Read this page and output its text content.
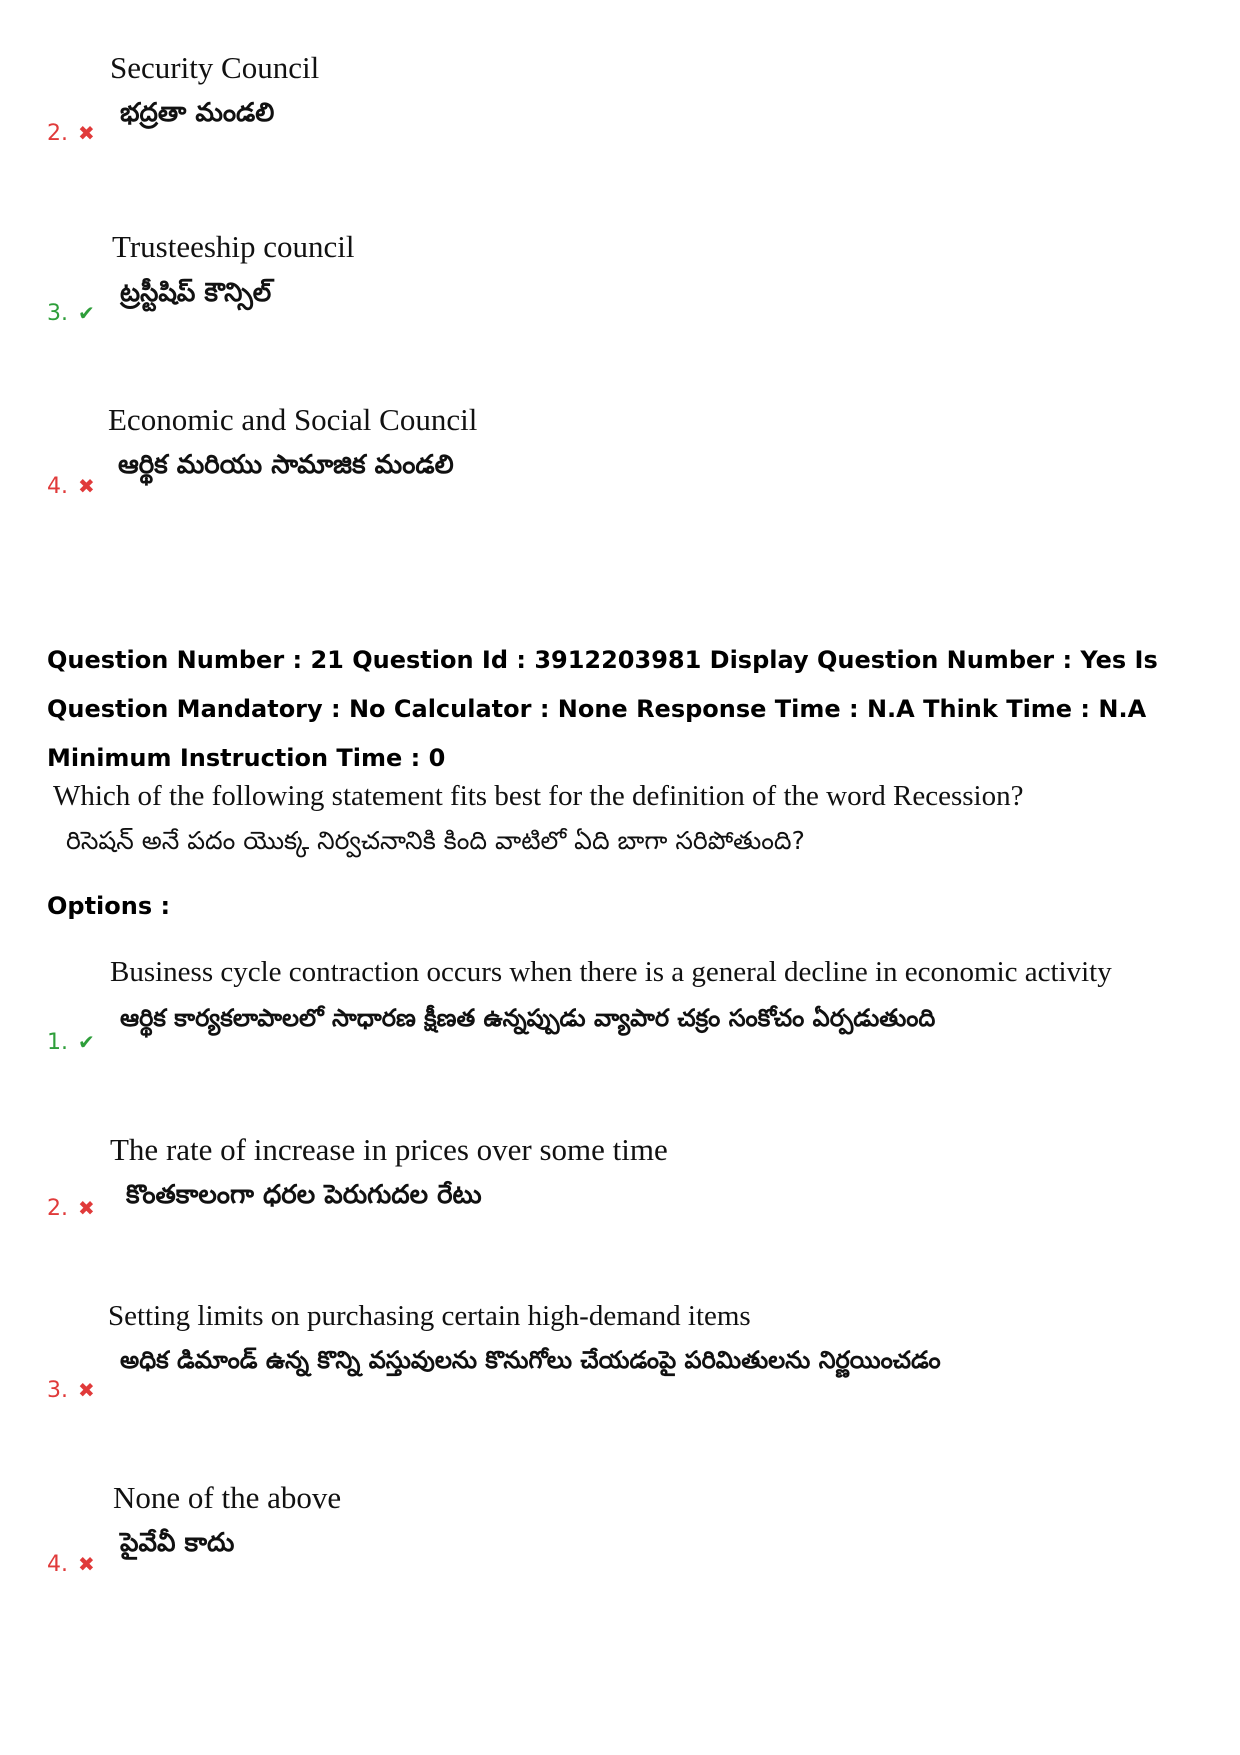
Security Council
భద్రతా మండలి
2. ✖
Trusteeship council
ట్రస్టీషిప్ కౌన్సిల్
3. ✔
Economic and Social Council
ఆర్థిక మరియు సామాజిక మండలి
4. ✖

Question Number : 21 Question Id : 3912203981 Display Question Number : Yes Is Question Mandatory : No Calculator : None Response Time : N.A Think Time : N.A Minimum Instruction Time : 0

Which of the following statement fits best for the definition of the word Recession?
రిసెషన్ అనే పదం యొక్క నిర్వచనానికి కింది వాటిలో ఏది బాగా సరిపోతుంది?
Options :
Business cycle contraction occurs when there is a general decline in economic activity
ఆర్థిక కార్యకలాపాలలో సాధారణ క్షీణత ఉన్నప్పుడు వ్యాపార చక్రం సంకోచం ఏర్పడుతుంది
1. ✔
The rate of increase in prices over some time
కొంతకాలంగా ధరల పెరుగుదల రేటు
2. ✖
Setting limits on purchasing certain high-demand items
అధిక డిమాండ్ ఉన్న కొన్ని వస్తువులను కొనుగోలు చేయడంపై పరిమితులను నిర్ణయించడం
3. ✖
None of the above
పైవేవీ కాదు
4. ✖
